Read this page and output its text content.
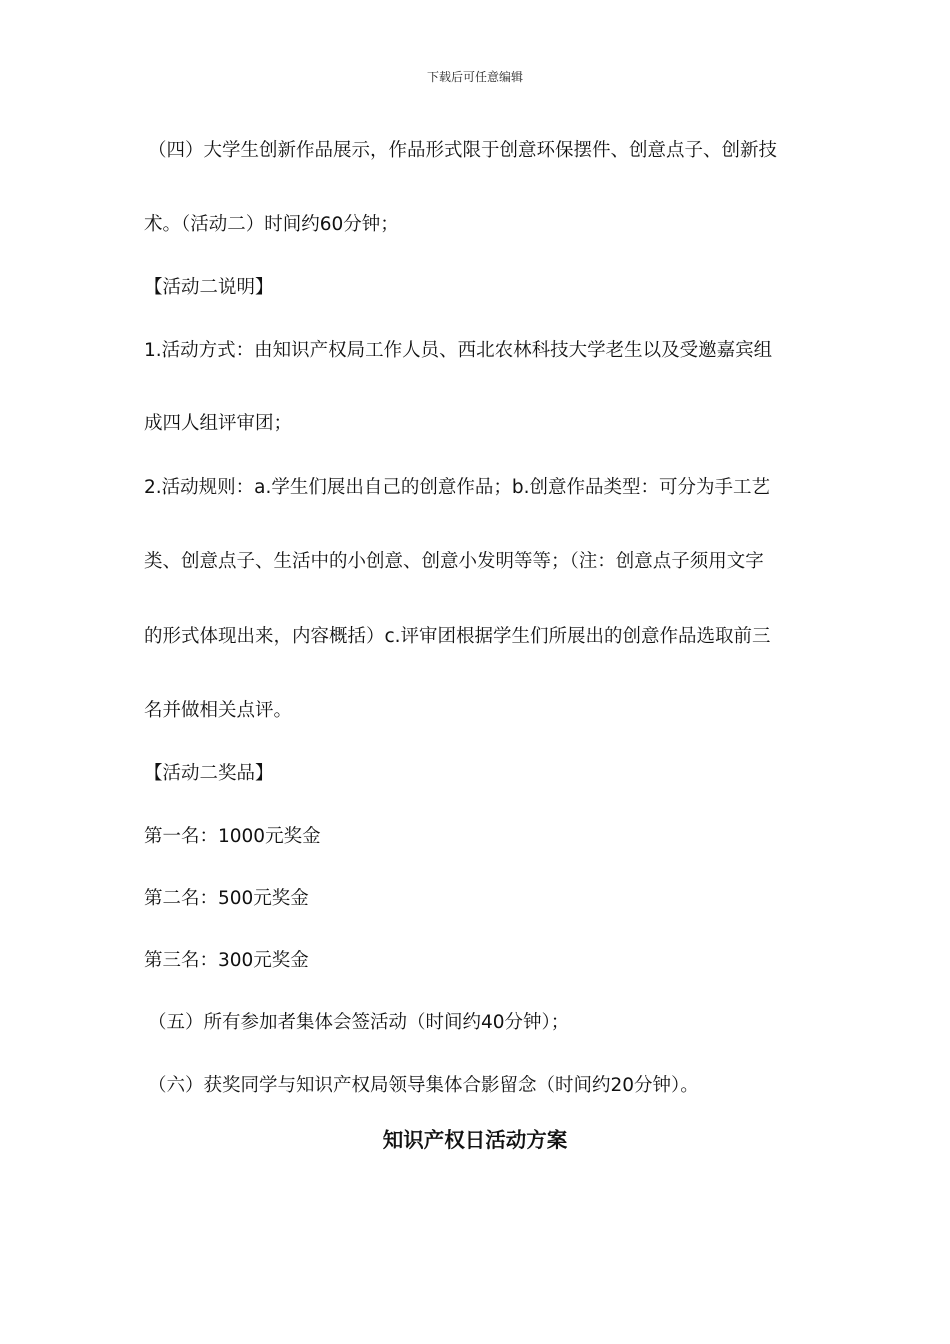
下载后可任意编辑
（四）大学生创新作品展示，作品形式限于创意环保摆件、创意点子、创新技
术。（活动二）时间约60分钟；
【活动二说明】
1.活动方式：由知识产权局工作人员、西北农林科技大学老生以及受邀嘉宾组
成四人组评审团；
2.活动规则：a.学生们展出自己的创意作品；b.创意作品类型：可分为手工艺
类、创意点子、生活中的小创意、创意小发明等等；（注：创意点子须用文字
的形式体现出来，内容概括）c.评审团根据学生们所展出的创意作品选取前三
名并做相关点评。
【活动二奖品】
第一名：1000元奖金
第二名：500元奖金
第三名：300元奖金
（五）所有参加者集体会签活动（时间约40分钟）；
（六）获奖同学与知识产权局领导集体合影留念（时间约20分钟）。
知识产权日活动方案
